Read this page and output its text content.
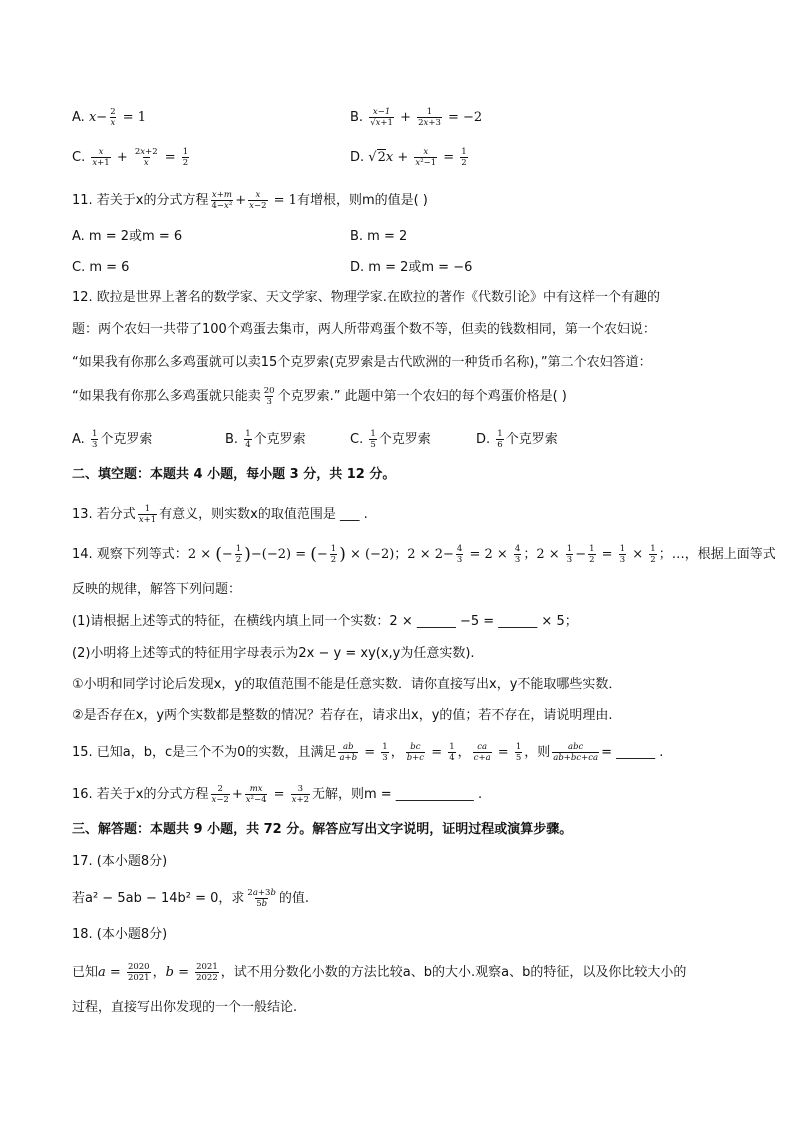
A. $x- \frac{2}{x} = 1$	B. $\frac{x-1}{√x+1} + \frac{1}{2x+3} = -2$
C. $\frac{x}{x+1} + \frac{2x+2}{x} = \frac{1}{2}$	D. $√2x + \frac{x}{\text{x²−1}} = \frac{1}{2}$
11. 若关于x的分式方程 $\frac{x+m}{\text{4−x²}} + \frac{x}{x-2} = 1$有增根，则m的值是( )
A. m = 2或m = 6	B. m = 2
C. m = 6	D. m = 2或m = −6
12. 欧拉是世界上著名的数学家、天文学家、物理学家.在欧拉的著作《代数引论》中有这样一个有趣的
题：两个农妇一共带了100个鸡蛋去集市，两人所带鸡蛋个数不等，但卖的钱数相同，第一个农妇说：
“如果我有你那么多鸡蛋就可以卖15个克罗索(克罗索是古代欧洲的一种货币名称)，”第二个农妇答道：
“如果我有你那么多鸡蛋就只能卖 $\frac{20}{3}$ 个克罗索.” 此题中第一个农妇的每个鸡蛋价格是( )
A. $\frac{1}{3}$ 个克罗索	B. $\frac{1}{4}$ 个克罗索	C. $\frac{1}{5}$ 个克罗索	D. $\frac{1}{6}$ 个克罗索
二、填空题：本题共 4 小题，每小题 3 分，共 12 分。
13. 若分式 $\frac{1}{x+1}$ 有意义，则实数x的取值范围是 ___ .
14. 观察下列等式：2 × (− $\frac{1}{2} )-(-2)$ = (− $\frac{1}{2}$ ) × (−2)；$2 \times 2- \frac{4}{3} = 2 \times \frac{4}{3}$ ；$2 \times \frac{1}{3} - \frac{1}{2} = \frac{1}{3} \times \frac{1}{2}$ ；…，根据上面等式
反映的规律，解答下列问题：
(1)请根据上述等式的特征，在横线内填上同一个实数：2 × ______ −5 = ______ × 5；
(2)小明将上述等式的特征用字母表示为2x − y = xy(x,y为任意实数).
①小明和同学讨论后发现x，y的取值范围不能是任意实数．请你直接写出x，y不能取哪些实数．
②是否存在x，y两个实数都是整数的情况？若存在，请求出x，y的值；若不存在，请说明理由.
15. 已知a，b，c是三个不为0的实数，且满足 $\frac{ab}{a+b} = \frac{1}{3}$ ， $\frac{bc}{b+c} = \frac{1}{4}$ ， $\frac{ca}{c+a} = \frac{1}{5}$ ，则 $\frac{\text{abc}}{ab+bc+ca}$ = ______ .
16. 若关于x的分式方程 $\frac{2}{x-2} + \frac{mx}{\text{x²−4}} = \frac{3}{x+2}$ 无解，则m = ____________ .
三、解答题：本题共 9 小题，共 72 分。解答应写出文字说明，证明过程或演算步骤。
17. (本小题8分)
若a² − 5ab − 14b² = 0，求 $\frac{2a+3b}{5b}$ 的值.
18. (本小题8分)
已知$a = \frac{2020}{2021}$ ，$b = \frac{2021}{2022}$ ，试不用分数化小数的方法比较a、b的大小.观察a、b的特征，以及你比较大小的
过程，直接写出你发现的一个一般结论.
